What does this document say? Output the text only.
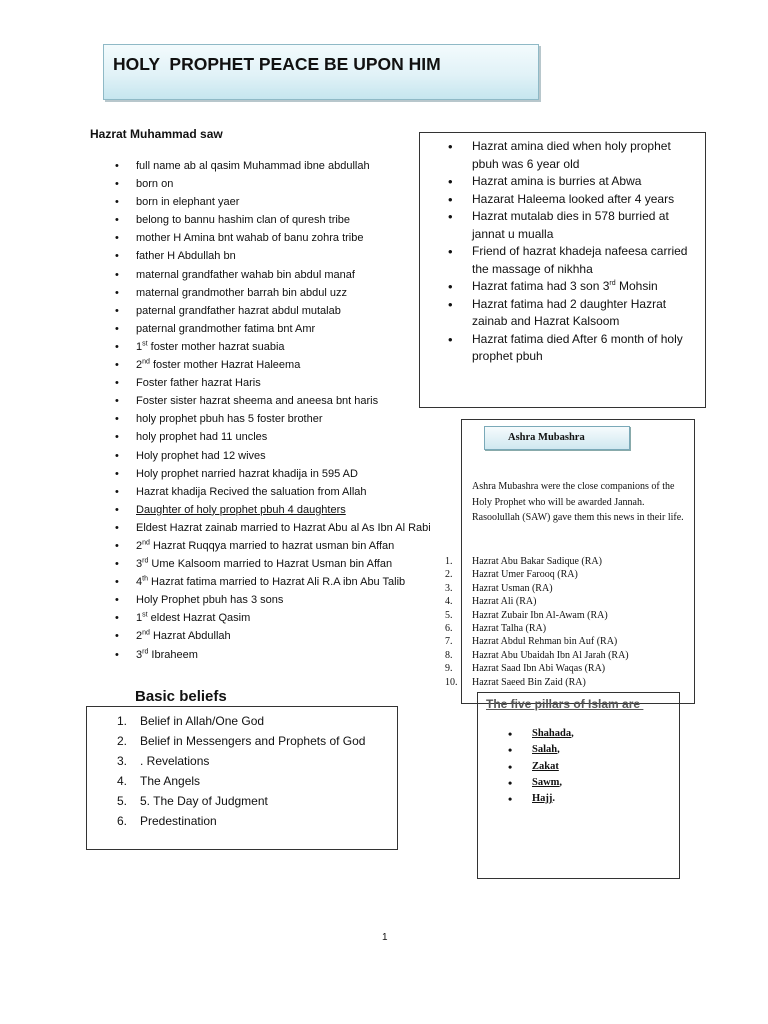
HOLY  PROPHET PEACE BE UPON HIM
Hazrat Muhammad saw
• full name ab al qasim Muhammad ibne abdullah
• born on
• born in elephant yaer
• belong to bannu hashim clan of quresh tribe
• mother H Amina bnt wahab of banu zohra tribe
• father H Abdullah bn
• maternal grandfather wahab bin abdul manaf
• maternal grandmother barrah bin abdul uzz
• paternal grandfather hazrat abdul mutalab
• paternal grandmother fatima bnt Amr
• 1st foster mother hazrat suabia
• 2nd foster mother Hazrat Haleema
• Foster father hazrat Haris
• Foster sister hazrat sheema and aneesa bnt haris
• holy prophet pbuh has 5 foster brother
• holy prophet had 11 uncles
• Holy prophet had 12 wives
• Holy prophet narried hazrat khadija in 595 AD
• Hazrat khadija Recived the saluation from Allah
• Daughter of holy prophet pbuh 4 daughters
• Eldest Hazrat zainab married to Hazrat Abu al As Ibn Al Rabi
• 2nd Hazrat Ruqqya married to hazrat usman bin Affan
• 3rd Ume Kalsoom married to Hazrat Usman bin Affan
• 4th Hazrat fatima married to Hazrat Ali R.A ibn Abu Talib
• Holy Prophet pbuh has 3 sons
• 1st eldest Hazrat Qasim
• 2nd Hazrat Abdullah
• 3rd Ibraheem
• Hazrat amina died when holy prophet pbuh was 6 year old
• Hazrat amina is burries at Abwa
• Hazarat Haleema looked after 4 years
• Hazrat mutalab dies in 578 burried at jannat u mualla
• Friend of hazrat khadeja nafeesa carried the massage of nikhha
• Hazrat fatima had 3 son 3rd Mohsin
• Hazrat fatima had 2 daughter Hazrat zainab and Hazrat Kalsoom
• Hazrat fatima died After 6 month of holy prophet pbuh
Ashra Mubashra
Ashra Mubashra were the close companions of the Holy Prophet who will be awarded Jannah. Rasoolullah (SAW) gave them this news in their life.
1.	Hazrat Abu Bakar Sadique (RA)
2.	Hazrat Umer Farooq (RA)
3.	Hazrat Usman (RA)
4.	Hazrat Ali (RA)
5.	Hazrat Zubair Ibn Al-Awam (RA)
6.	Hazrat Talha (RA)
7.	Hazrat Abdul Rehman bin Auf (RA)
8.	Hazrat Abu Ubaidah Ibn Al Jarah (RA)
9.	Hazrat Saad Ibn Abi Waqas (RA)
10.	Hazrat Saeed Bin Zaid (RA)
Basic beliefs
1. Belief in Allah/One God
2. Belief in Messengers and Prophets of God
3. . Revelations
4. The Angels
5. 5. The Day of Judgment
6. Predestination
The five pillars of Islam are
• Shahada,
• Salah,
• Zakat
• Sawm,
• Hajj.
1
